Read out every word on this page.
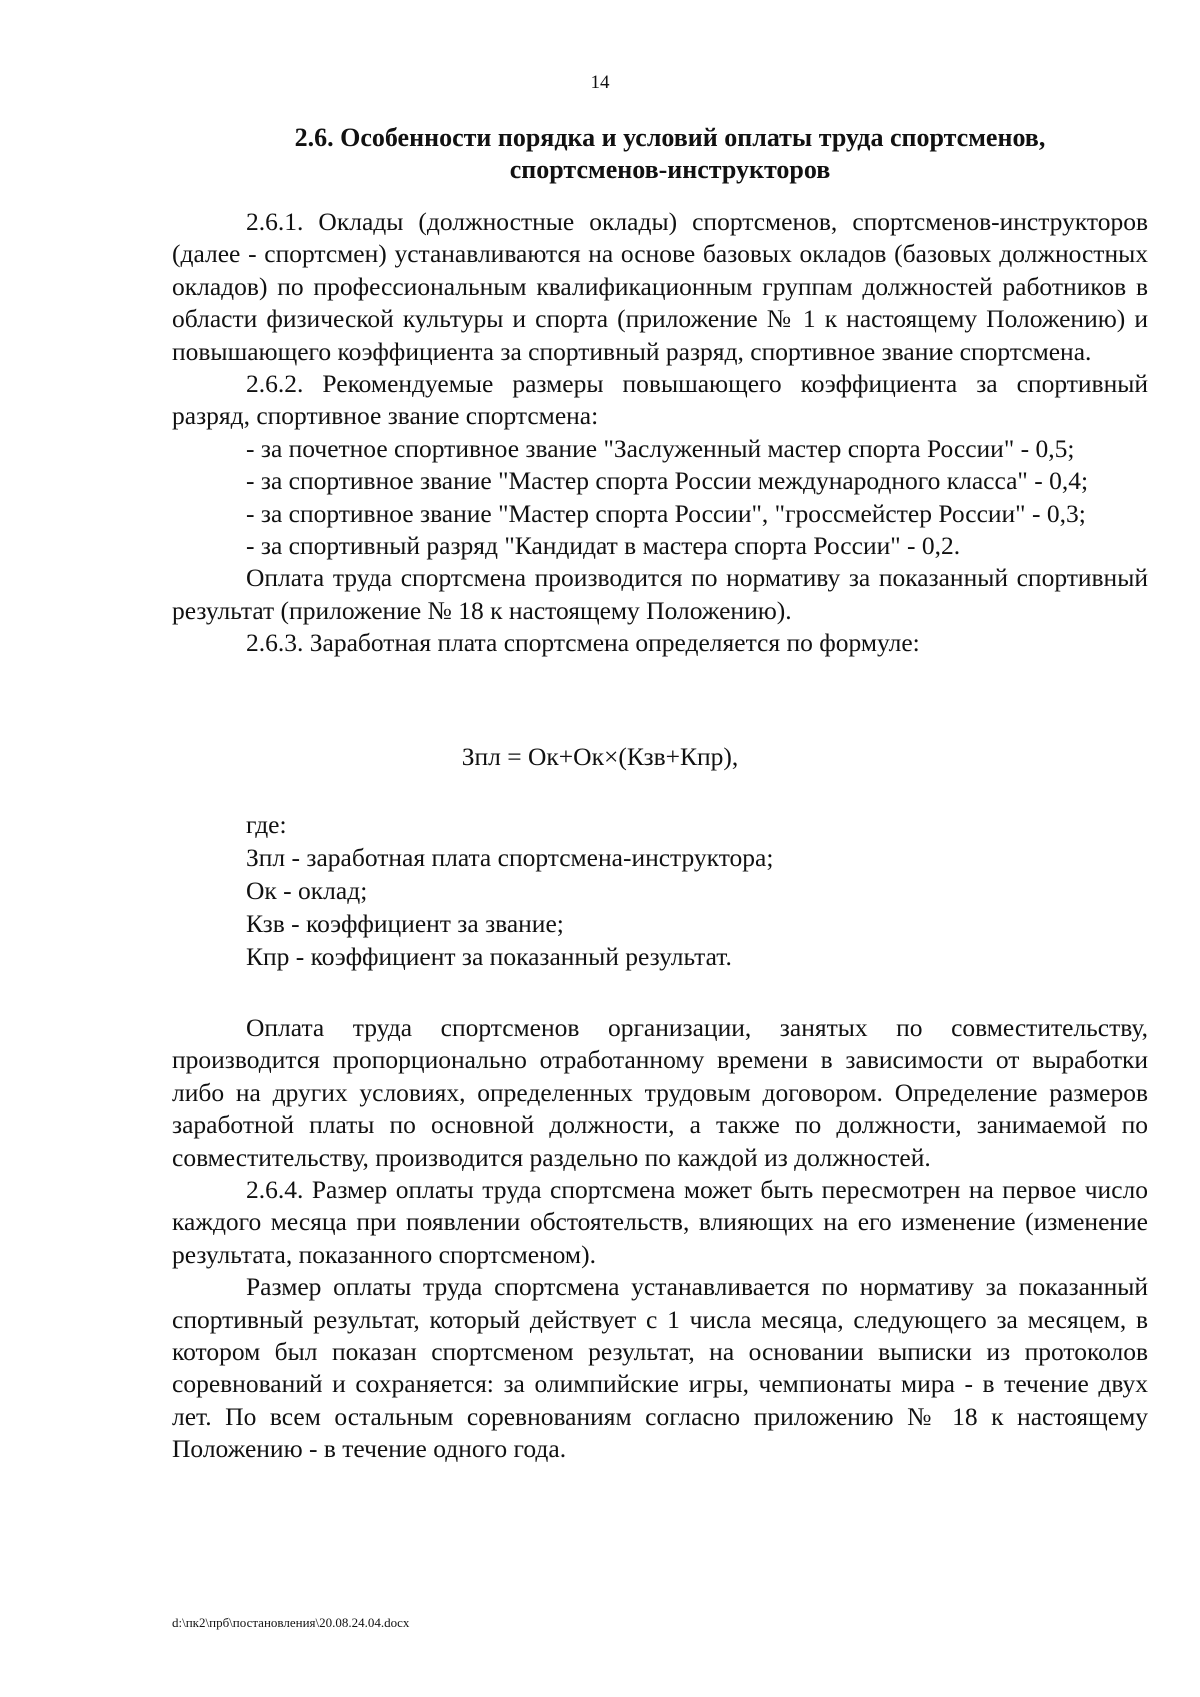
14
2.6. Особенности порядка и условий оплаты труда спортсменов,
спортсменов-инструкторов

2.6.1. Оклады (должностные оклады) спортсменов, спортсменов-инструкторов (далее - спортсмен) устанавливаются на основе базовых окладов (базовых должностных окладов) по профессиональным квалификационным группам должностей работников в области физической культуры и спорта (приложение № 1 к настоящему Положению) и повышающего коэффициента за спортивный разряд, спортивное звание спортсмена.

2.6.2. Рекомендуемые размеры повышающего коэффициента за спортивный разряд, спортивное звание спортсмена:

- за почетное спортивное звание "Заслуженный мастер спорта России" - 0,5;

- за спортивное звание "Мастер спорта России международного класса" - 0,4;

- за спортивное звание "Мастер спорта России", "гроссмейстер России" - 0,3;

- за спортивный разряд "Кандидат в мастера спорта России" - 0,2.

Оплата труда спортсмена производится по нормативу за показанный спортивный результат (приложение № 18 к настоящему Положению).

2.6.3. Заработная плата спортсмена определяется по формуле:

Зпл = Ок+Ок×(Кзв+Кпр),
где:
Зпл - заработная плата спортсмена-инструктора;
Ок - оклад;
Кзв - коэффициент за звание;
Кпр - коэффициент за показанный результат.

Оплата труда спортсменов организации, занятых по совместительству, производится пропорционально отработанному времени в зависимости от выработки либо на других условиях, определенных трудовым договором. Определение размеров заработной платы по основной должности, а также по должности, занимаемой по совместительству, производится раздельно по каждой из должностей.

2.6.4. Размер оплаты труда спортсмена может быть пересмотрен на первое число каждого месяца при появлении обстоятельств, влияющих на его изменение (изменение результата, показанного спортсменом).

Размер оплаты труда спортсмена устанавливается по нормативу за показанный спортивный результат, который действует с 1 числа месяца, следующего за месяцем, в котором был показан спортсменом результат, на основании выписки из протоколов соревнований и сохраняется: за олимпийские игры, чемпионаты мира - в течение двух лет. По всем остальным соревнованиям согласно приложению № 18 к настоящему Положению - в течение одного года.

d:\пк2\прб\постановления\20.08.24.04.docx
